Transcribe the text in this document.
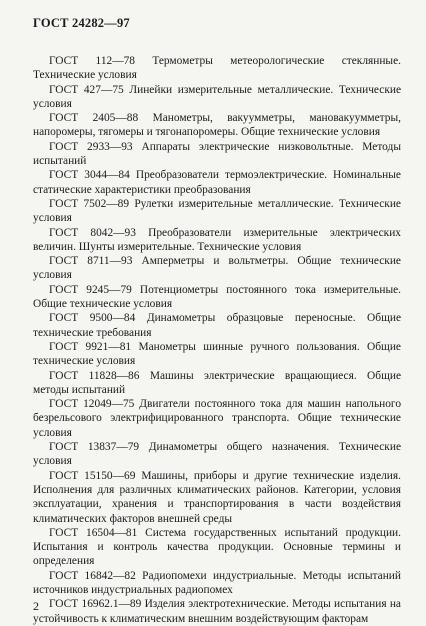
ГОСТ 24282—97

ГОСТ 112—78 Термометры метеорологические стеклянные. Технические условия

ГОСТ 427—75 Линейки измерительные металлические. Технические условия

ГОСТ 2405—88 Манометры, вакуумметры, мановакуумметры, напоромеры, тягомеры и тягонапоромеры. Общие технические условия

ГОСТ 2933—93 Аппараты электрические низковольтные. Методы испытаний

ГОСТ 3044—84 Преобразователи термоэлектрические. Номинальные статические характеристики преобразования

ГОСТ 7502—89 Рулетки измерительные металлические. Технические условия

ГОСТ 8042—93 Преобразователи измерительные электрических величин. Шунты измерительные. Технические условия

ГОСТ 8711—93 Амперметры и вольтметры. Общие технические условия

ГОСТ 9245—79 Потенциометры постоянного тока измерительные. Общие технические условия

ГОСТ 9500—84 Динамометры образцовые переносные. Общие технические требования

ГОСТ 9921—81 Манометры шинные ручного пользования. Общие технические условия

ГОСТ 11828—86 Машины электрические вращающиеся. Общие методы испытаний

ГОСТ 12049—75 Двигатели постоянного тока для машин напольного безрельсового электрифицированного транспорта. Общие технические условия

ГОСТ 13837—79 Динамометры общего назначения. Технические условия

ГОСТ 15150—69 Машины, приборы и другие технические изделия. Исполнения для различных климатических районов. Категории, условия эксплуатации, хранения и транспортирования в части воздействия климатических факторов внешней среды

ГОСТ 16504—81 Система государственных испытаний продукции. Испытания и контроль качества продукции. Основные термины и определения

ГОСТ 16842—82 Радиопомехи индустриальные. Методы испытаний источников индустриальных радиопомех

ГОСТ 16962.1—89 Изделия электротехнические. Методы испытания на устойчивость к климатическим внешним воздействующим факторам

2
